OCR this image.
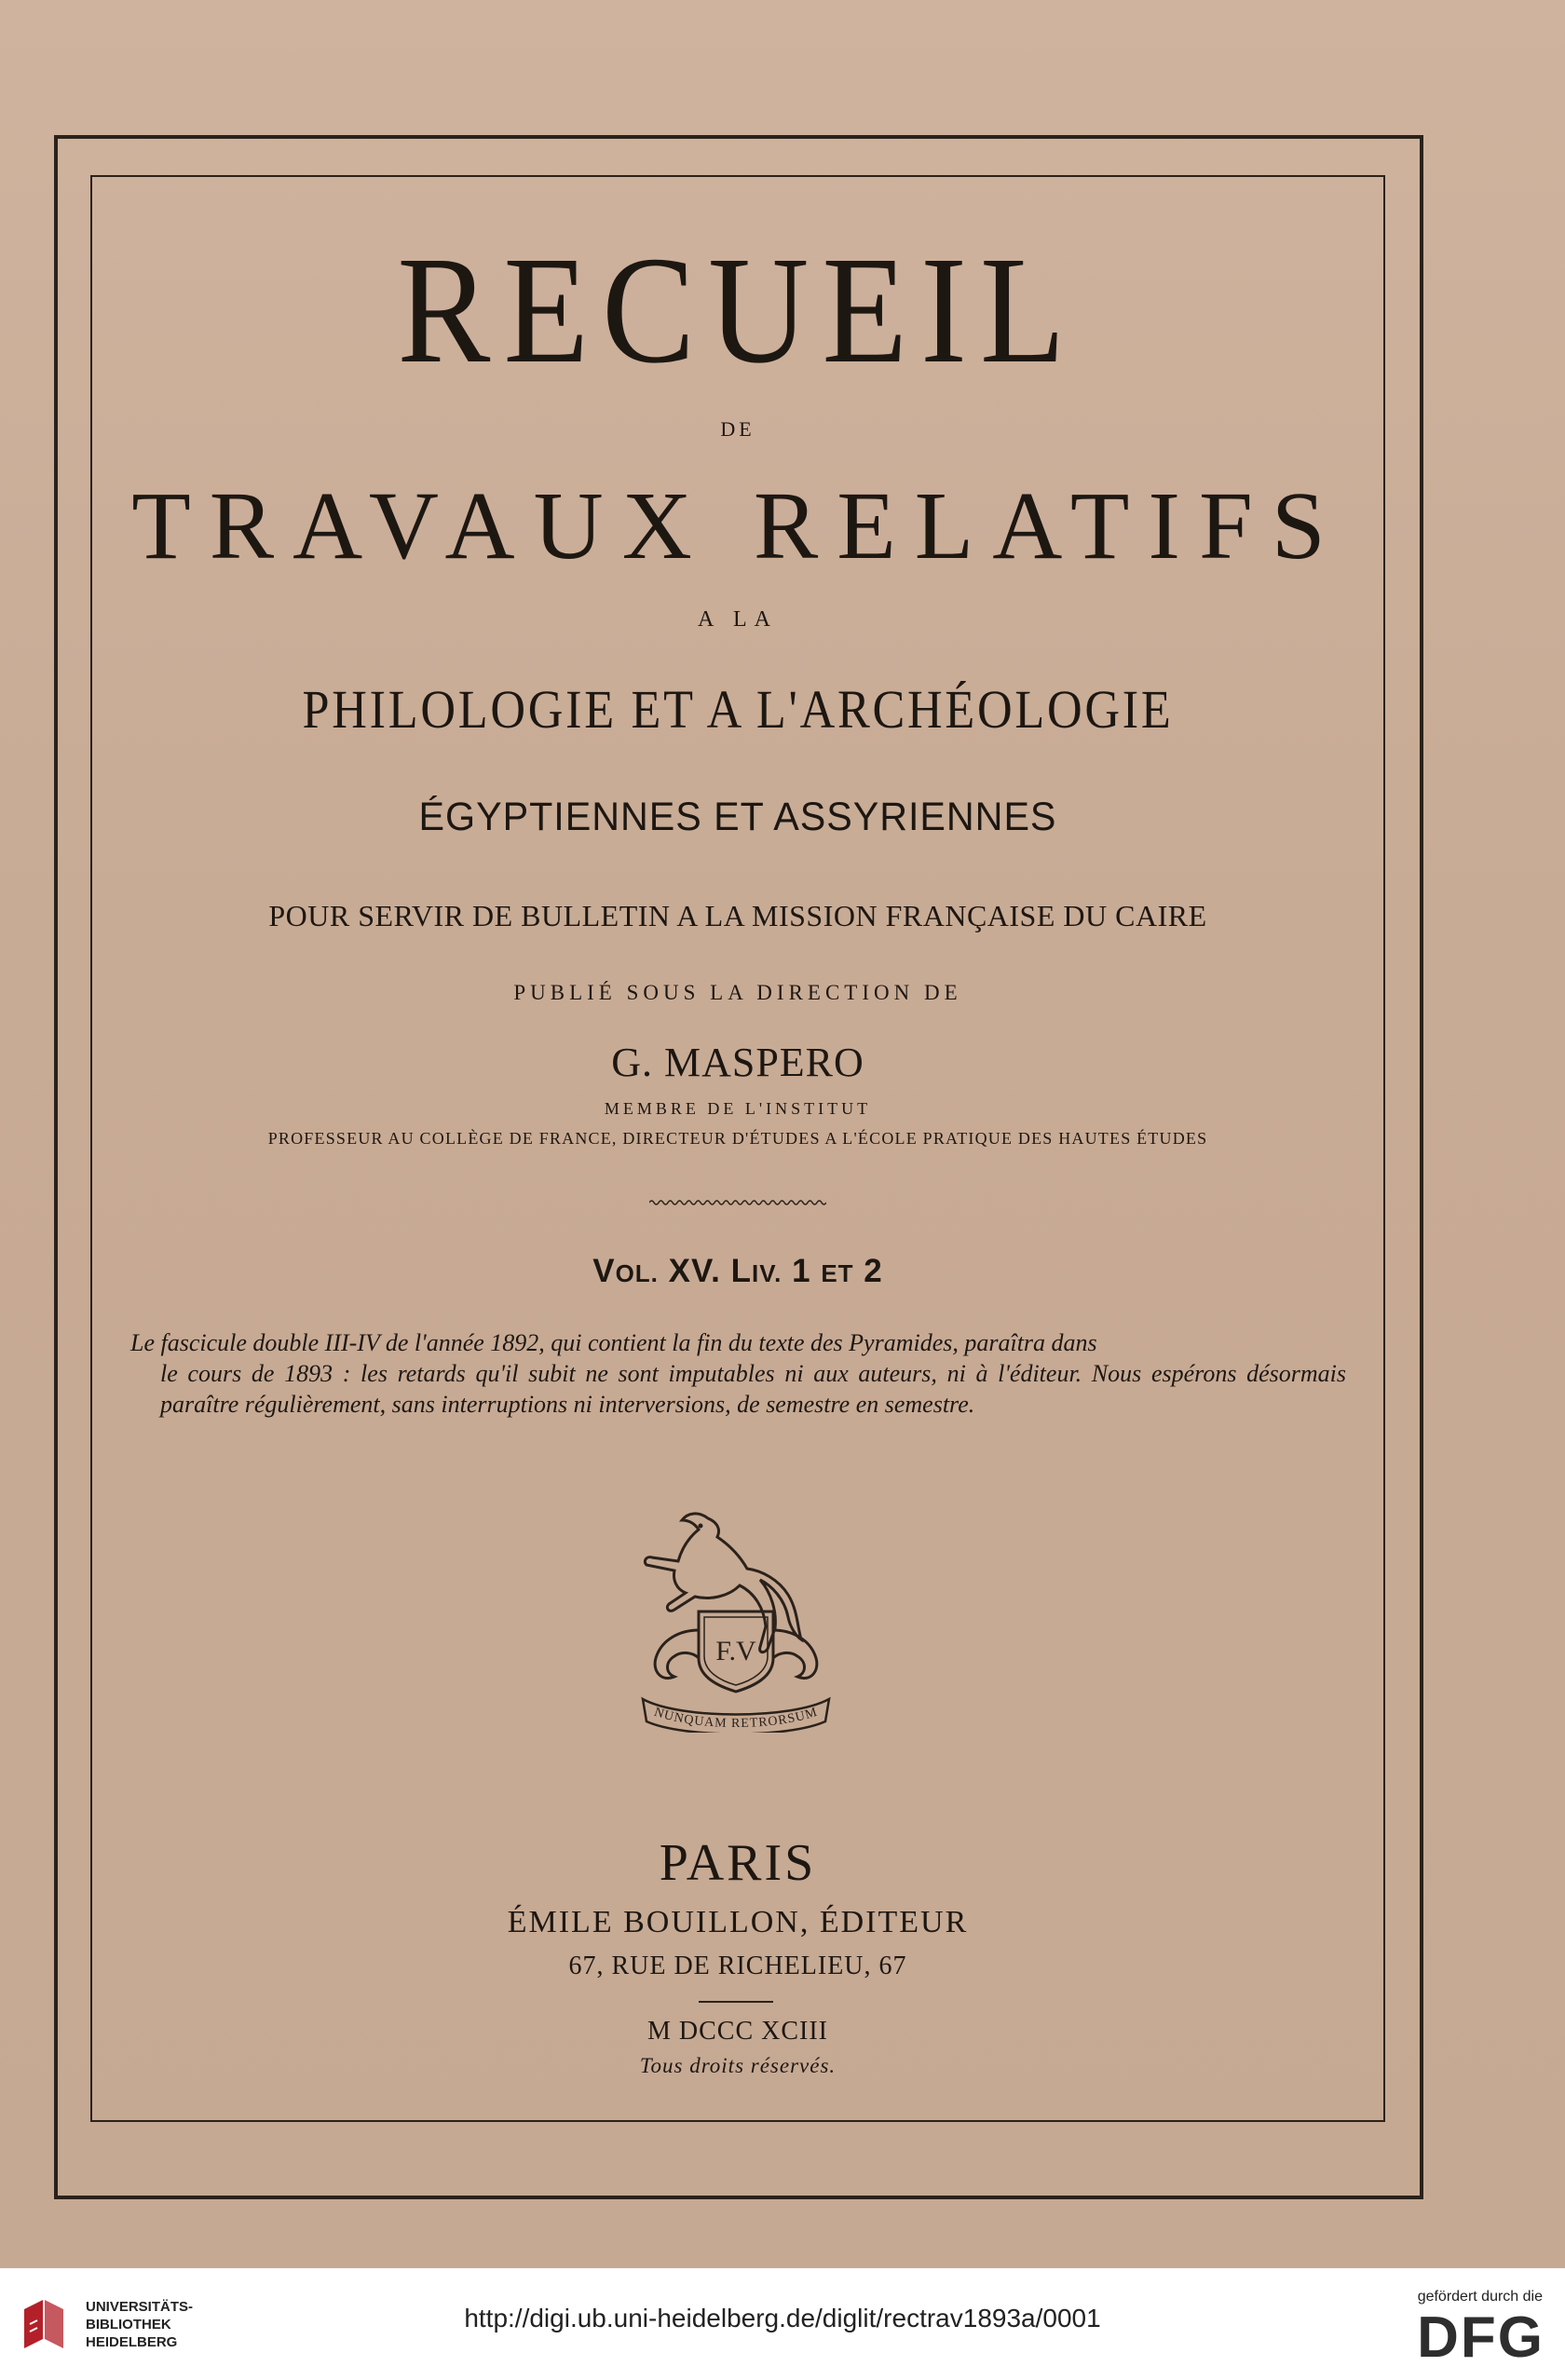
RECUEIL
DE
TRAVAUX RELATIFS
A LA
PHILOLOGIE ET A L'ARCHÉOLOGIE
ÉGYPTIENNES ET ASSYRIENNES
POUR SERVIR DE BULLETIN A LA MISSION FRANÇAISE DU CAIRE
PUBLIÉ SOUS LA DIRECTION DE
G. MASPERO
MEMBRE DE L'INSTITUT
PROFESSEUR AU COLLÈGE DE FRANCE, DIRECTEUR D'ÉTUDES A L'ÉCOLE PRATIQUE DES HAUTES ÉTUDES
VOL. XV. LIV. 1 ET 2

Le fascicule double III-IV de l'année 1892, qui contient la fin du texte des Pyramides, paraîtra dans
le cours de 1893 : les retards qu'il subit ne sont imputables ni aux auteurs, ni à l'éditeur. Nous espérons désormais paraître régulièrement, sans interruptions ni interversions, de semestre en semestre.

F.V
NUNQUAM RETRORSUM
PARIS
ÉMILE BOUILLON, ÉDITEUR
67, RUE DE RICHELIEU, 67
M DCCC XCIII
Tous droits réservés.
UNIVERSITÄTS-
BIBLIOTHEK
HEIDELBERG
http://digi.ub.uni-heidelberg.de/diglit/rectrav1893a/0001
gefördert durch die
DFG
